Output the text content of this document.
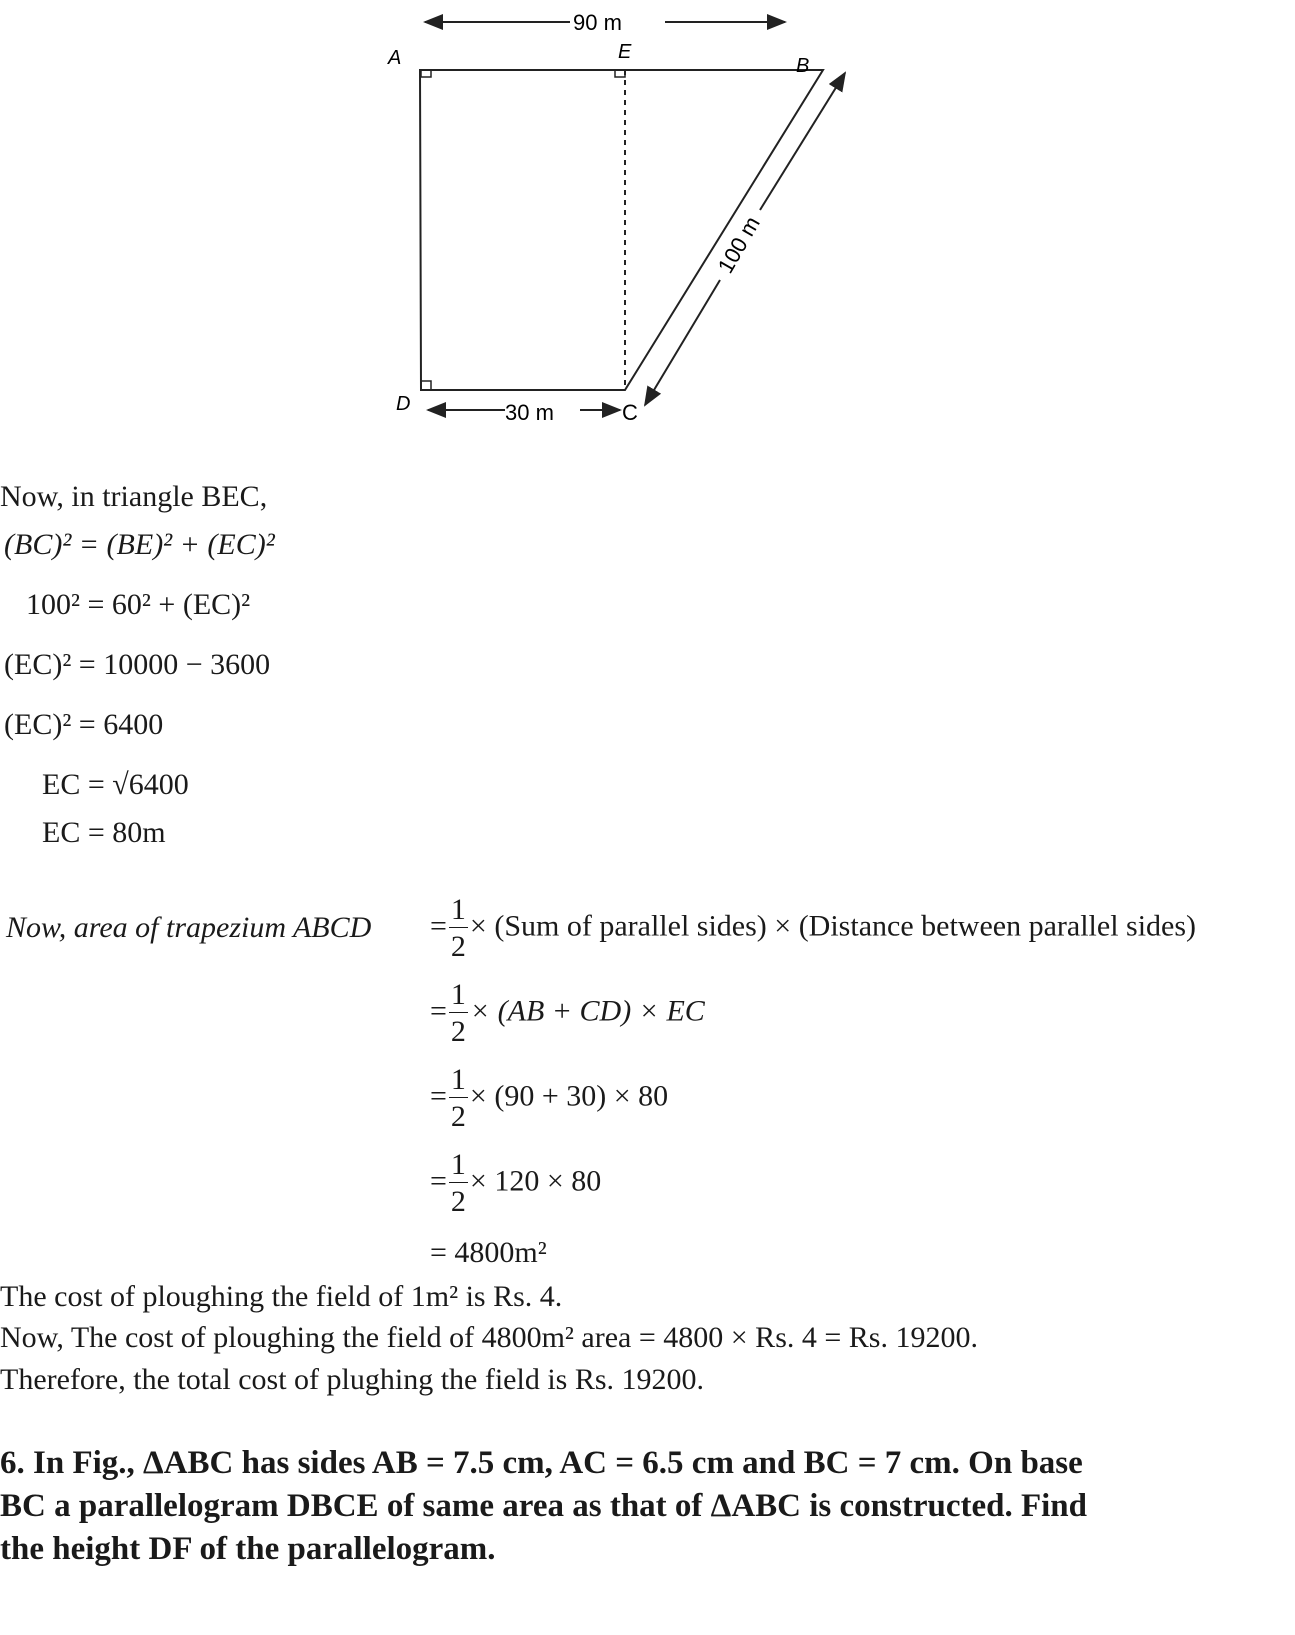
90 m
A	E
B
D	C
30 m
100 m
Now, in triangle BEC,
(BC)² = (BE)² + (EC)²
100² = 60² + (EC)²
(EC)² = 10000 − 3600
(EC)² = 6400
EC = √6400
EC = 80m
Now, area of trapezium ABCD = $\frac{1}{2} \times (Sum$ of parallel sides) × (Distance between parallel sides)
= $\frac{1}{2} \times (AB + CD)$ × EC
= $\frac{1}{2} \times (90 + 30) \times 80$
= $\frac{1}{2} \times 120 \times 80$
= 4800m²
The cost of ploughing the field of 1m² is Rs. 4.
Now, The cost of ploughing the field of 4800m² area = 4800 × Rs. 4 = Rs. 19200.
Therefore, the total cost of plughing the field is Rs. 19200.
6. In Fig., ΔABC has sides AB = 7.5 cm, AC = 6.5 cm and BC = 7 cm. On base
BC a parallelogram DBCE of same area as that of ΔABC is constructed. Find
the height DF of the parallelogram.
